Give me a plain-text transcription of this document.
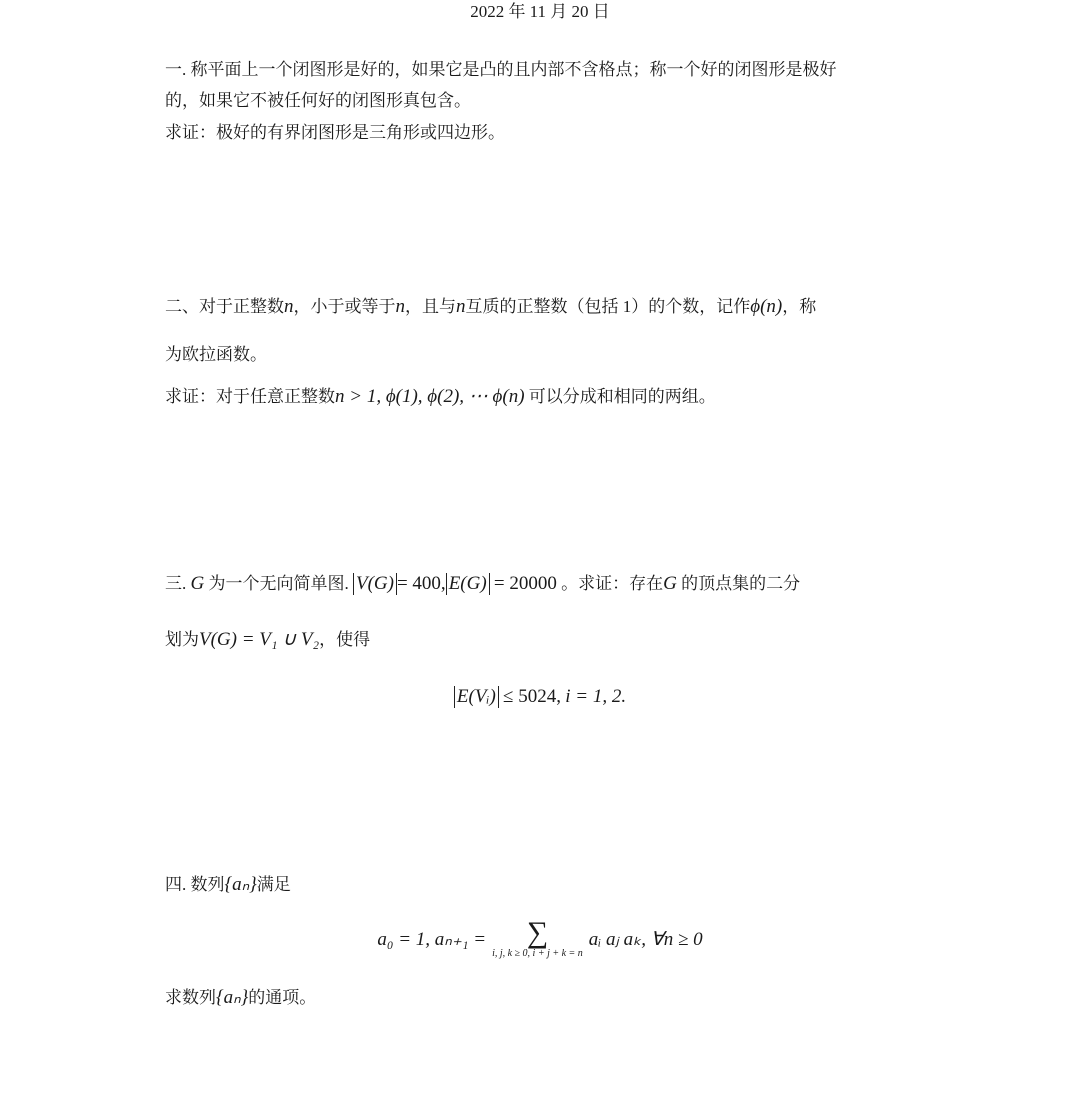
2022 年 11 月 20 日
一. 称平面上一个闭图形是好的，如果它是凸的且内部不含格点；称一个好的闭图形是极好
的，如果它不被任何好的闭图形真包含。
求证：极好的有界闭图形是三角形或四边形。
二、对于正整数n，小于或等于n，且与n互质的正整数（包括 1）的个数，记作ϕ(n)，称
为欧拉函数。
求证：对于任意正整数n > 1, ϕ(1), ϕ(2), ⋯ ϕ(n) 可以分成和相同的两组。
三. G 为一个无向简单图. V(G) = 400, E(G) = 20000 。求证：存在G 的顶点集的二分
划为V(G) = V₁ ∪ V₂，使得
E(Vᵢ) ≤ 5024, i = 1, 2.
四. 数列{aₙ}满足
a₀ = 1, aₙ₊₁ = ∑
i, j, k ≥ 0, i + j + k = n
aᵢ aⱼ aₖ, ∀n ≥ 0
求数列{aₙ}的通项。
